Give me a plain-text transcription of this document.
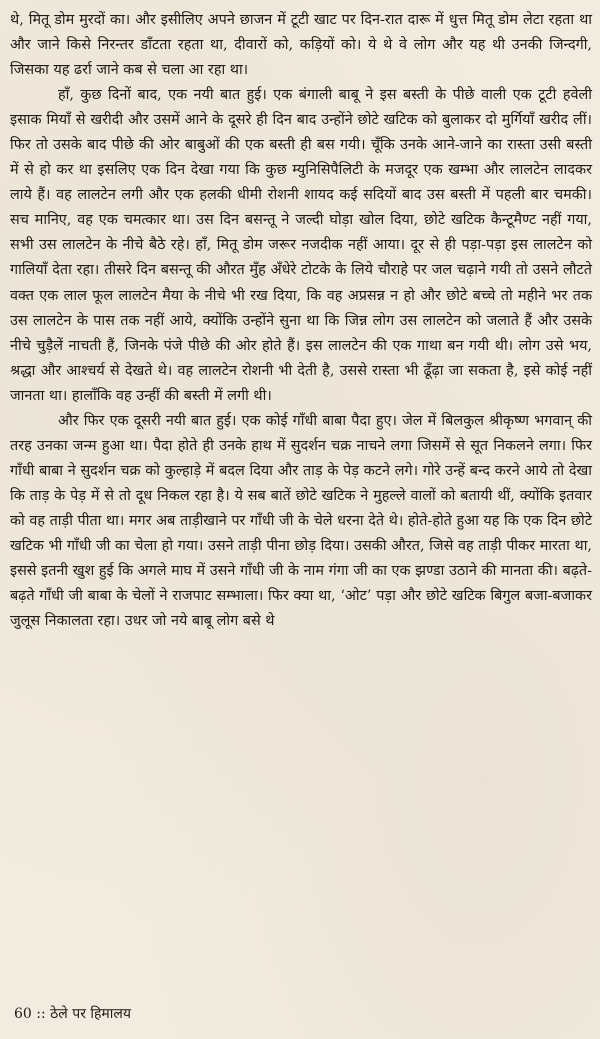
थे, मितू डोम मुरदों का। और इसीलिए अपने छाजन में टूटी खाट पर दिन-रात दारू में धुत्त मितू डोम लेटा रहता था और जाने किसे निरन्तर डाँटता रहता था, दीवारों को, कड़ियों को। ये थे वे लोग और यह थी उनकी जिन्दगी, जिसका यह ढर्रा जाने कब से चला आ रहा था।

हाँ, कुछ दिनों बाद, एक नयी बात हुई। एक बंगाली बाबू ने इस बस्ती के पीछे वाली एक टूटी हवेली इसाक मियाँ से खरीदी और उसमें आने के दूसरे ही दिन बाद उन्होंने छोटे खटिक को बुलाकर दो मुर्गियाँ खरीद लीं। फिर तो उसके बाद पीछे की ओर बाबुओं की एक बस्ती ही बस गयी। चूँकि उनके आने-जाने का रास्ता उसी बस्ती में से हो कर था इसलिए एक दिन देखा गया कि कुछ म्युनिसिपैलिटी के मजदूर एक खम्भा और लालटेन लादकर लाये हैं। वह लालटेन लगी और एक हलकी धीमी रोशनी शायद कई सदियों बाद उस बस्ती में पहली बार चमकी। सच मानिए, वह एक चमत्कार था। उस दिन बसन्तू ने जल्दी घोड़ा खोल दिया, छोटे खटिक कैन्टूमैण्ट नहीं गया, सभी उस लालटेन के नीचे बैठे रहे। हाँ, मितू डोम जरूर नजदीक नहीं आया। दूर से ही पड़ा-पड़ा इस लालटेन को गालियाँ देता रहा। तीसरे दिन बसन्तू की औरत मुँह अँधेरे टोटके के लिये चौराहे पर जल चढ़ाने गयी तो उसने लौटते वक्त एक लाल फूल लालटेन मैया के नीचे भी रख दिया, कि वह अप्रसन्न न हो और छोटे बच्चे तो महीने भर तक उस लालटेन के पास तक नहीं आये, क्योंकि उन्होंने सुना था कि जिन्न लोग उस लालटेन को जलाते हैं और उसके नीचे चुड़ैलें नाचती हैं, जिनके पंजे पीछे की ओर होते हैं। इस लालटेन की एक गाथा बन गयी थी। लोग उसे भय, श्रद्धा और आश्चर्य से देखते थे। वह लालटेन रोशनी भी देती है, उससे रास्ता भी ढूँढ़ा जा सकता है, इसे कोई नहीं जानता था। हालाँकि वह उन्हीं की बस्ती में लगी थी।

और फिर एक दूसरी नयी बात हुई। एक कोई गाँधी बाबा पैदा हुए। जेल में बिलकुल श्रीकृष्ण भगवान् की तरह उनका जन्म हुआ था। पैदा होते ही उनके हाथ में सुदर्शन चक्र नाचने लगा जिसमें से सूत निकलने लगा। फिर गाँधी बाबा ने सुदर्शन चक्र को कुल्हाड़े में बदल दिया और ताड़ के पेड़ कटने लगे। गोरे उन्हें बन्द करने आये तो देखा कि ताड़ के पेड़ में से तो दूध निकल रहा है। ये सब बातें छोटे खटिक ने मुहल्ले वालों को बतायी थीं, क्योंकि इतवार को वह ताड़ी पीता था। मगर अब ताड़ीखाने पर गाँधी जी के चेले धरना देते थे। होते-होते हुआ यह कि एक दिन छोटे खटिक भी गाँधी जी का चेला हो गया। उसने ताड़ी पीना छोड़ दिया। उसकी औरत, जिसे वह ताड़ी पीकर मारता था, इससे इतनी खुश हुई कि अगले माघ में उसने गाँधी जी के नाम गंगा जी का एक झण्डा उठाने की मानता की। बढ़ते-बढ़ते गाँधी जी बाबा के चेलों ने राजपाट सम्भाला। फिर क्या था, ‘ओट’ पड़ा और छोटे खटिक बिगुल बजा-बजाकर जुलूस निकालता रहा। उधर जो नये बाबू लोग बसे थे

60 :: ठेले पर हिमालय
